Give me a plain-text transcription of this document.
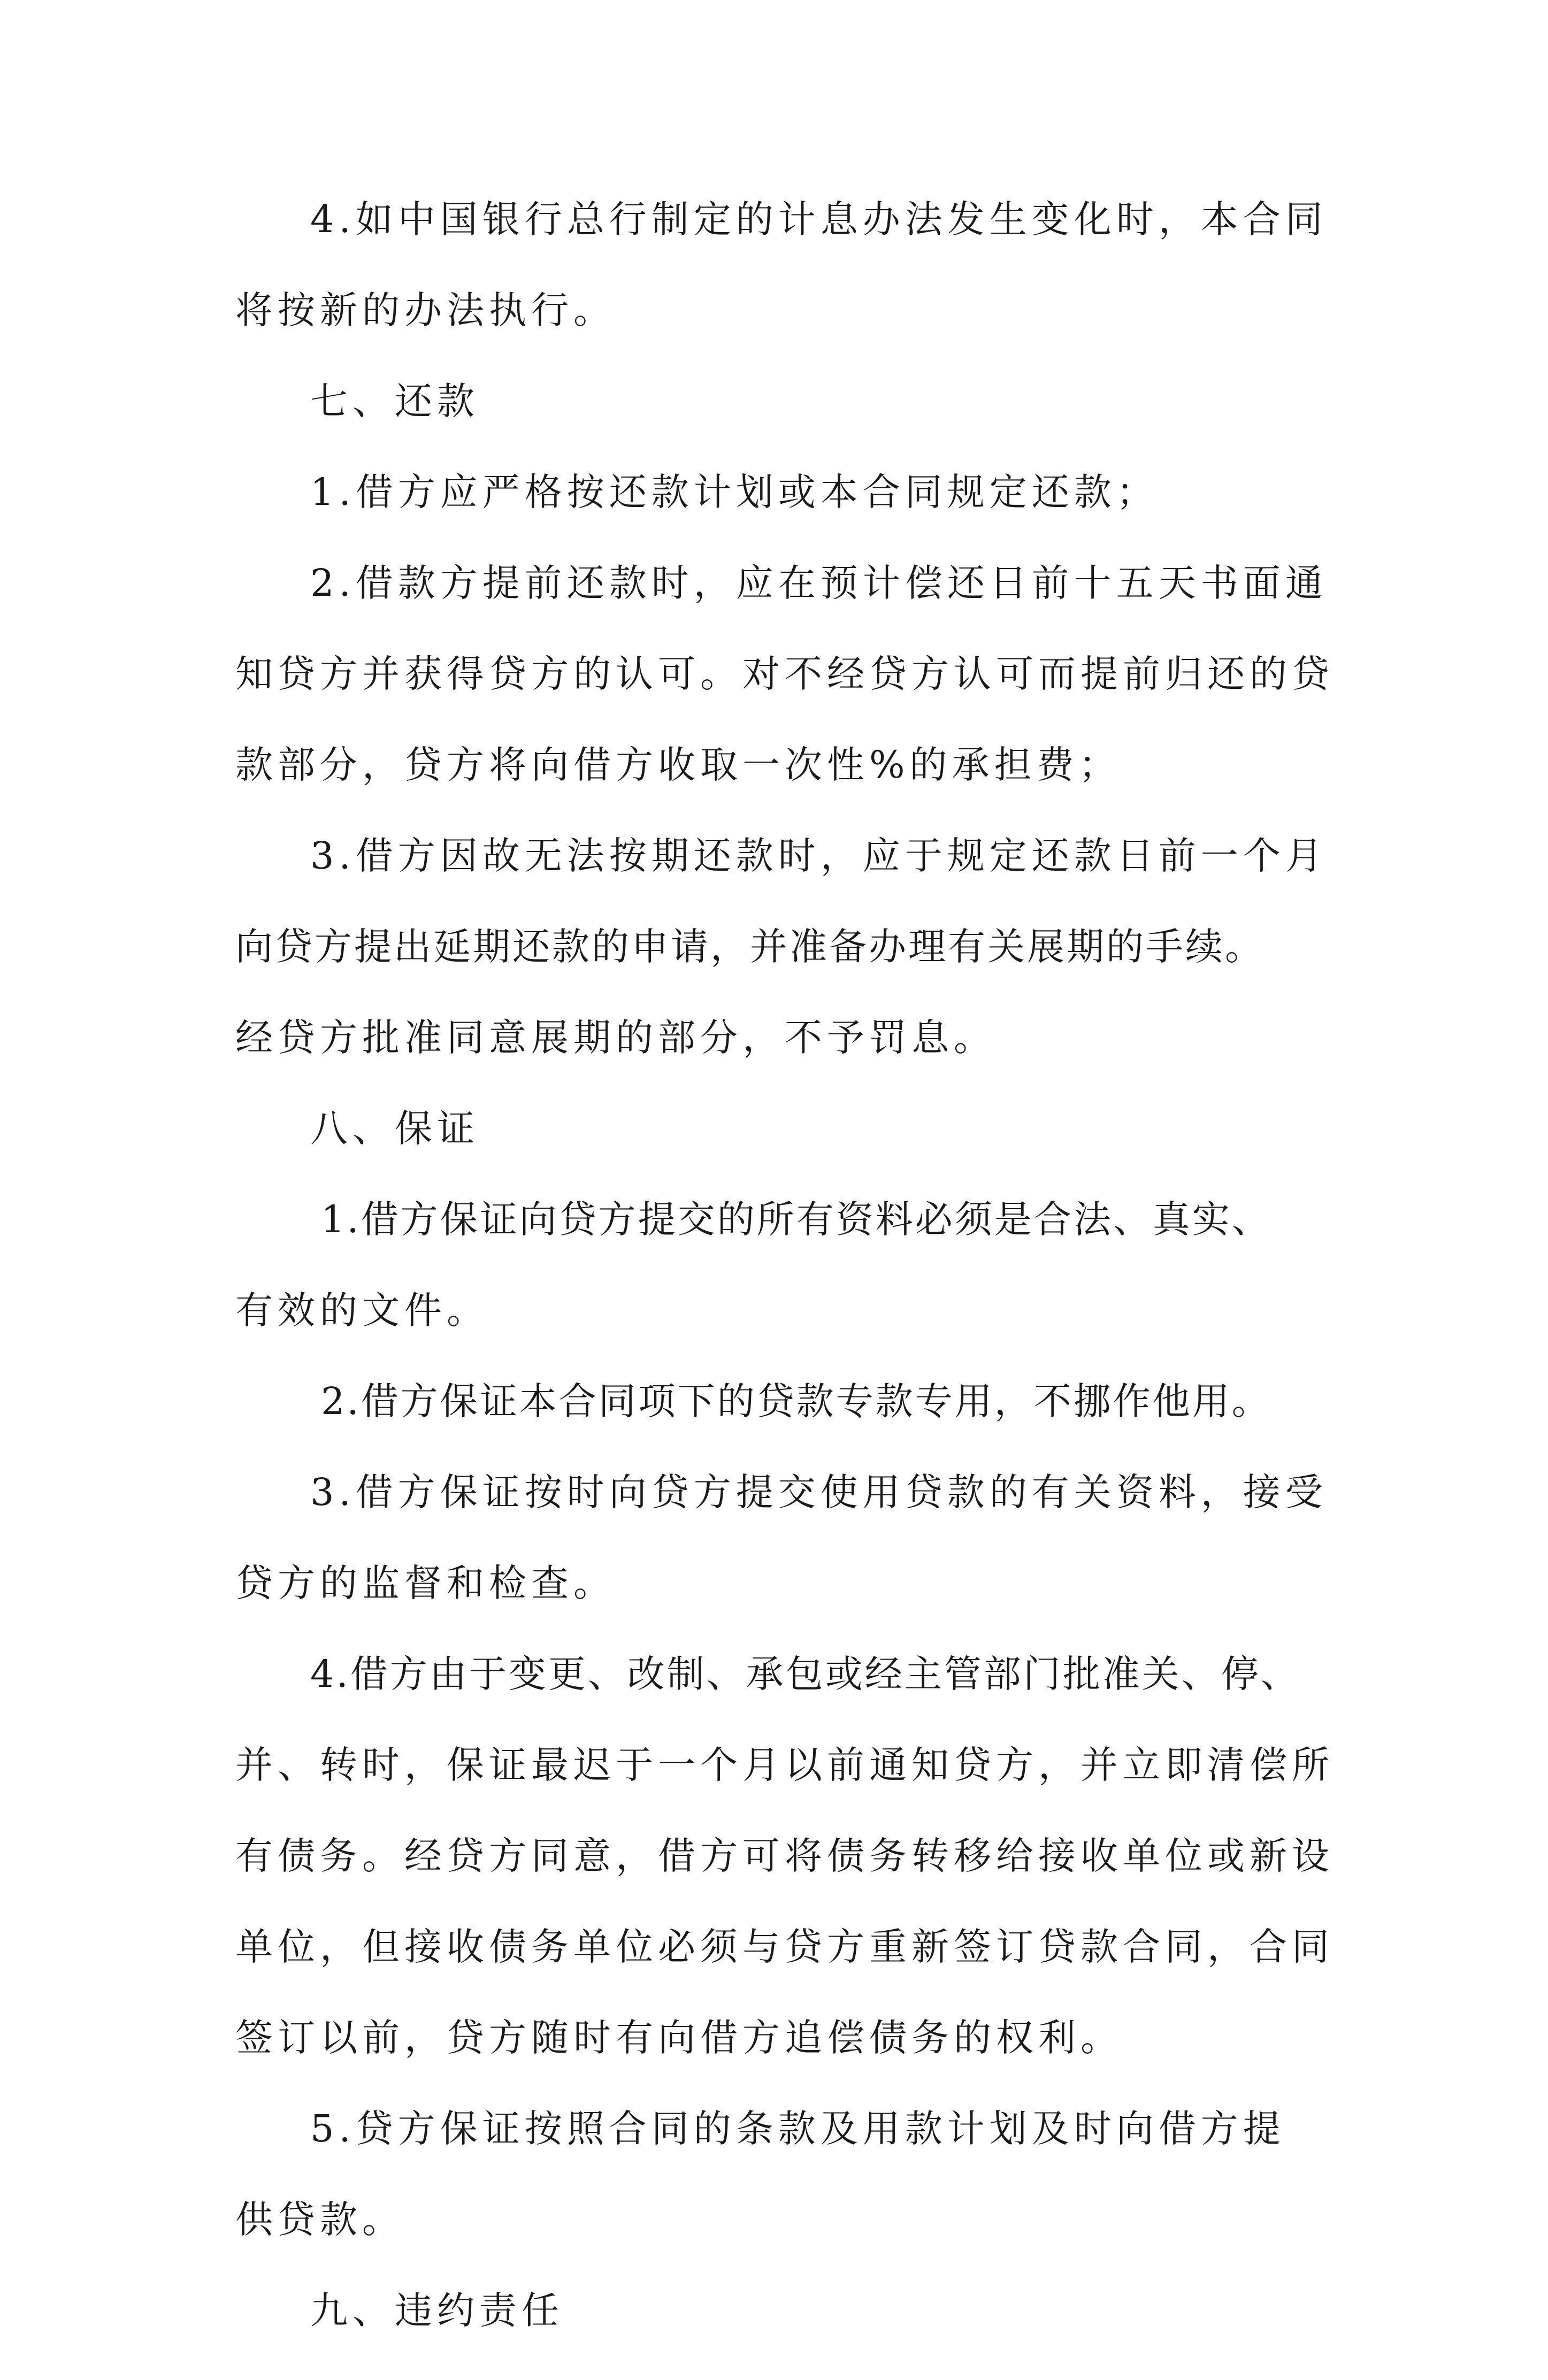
4.如中国银行总行制定的计息办法发生变化时，本合同
将按新的办法执行。
七、还款
1.借方应严格按还款计划或本合同规定还款；
2.借款方提前还款时，应在预计偿还日前十五天书面通
知贷方并获得贷方的认可。对不经贷方认可而提前归还的贷
款部分，贷方将向借方收取一次性%的承担费；
3.借方因故无法按期还款时，应于规定还款日前一个月
向贷方提出延期还款的申请，并准备办理有关展期的手续。
经贷方批准同意展期的部分，不予罚息。
八、保证
1.借方保证向贷方提交的所有资料必须是合法、真实、
有效的文件。
2.借方保证本合同项下的贷款专款专用，不挪作他用。
3.借方保证按时向贷方提交使用贷款的有关资料，接受
贷方的监督和检查。
4.借方由于变更、改制、承包或经主管部门批准关、停、
并、转时，保证最迟于一个月以前通知贷方，并立即清偿所
有债务。经贷方同意，借方可将债务转移给接收单位或新设
单位，但接收债务单位必须与贷方重新签订贷款合同，合同
签订以前，贷方随时有向借方追偿债务的权利。
5.贷方保证按照合同的条款及用款计划及时向借方提
供贷款。
九、违约责任
